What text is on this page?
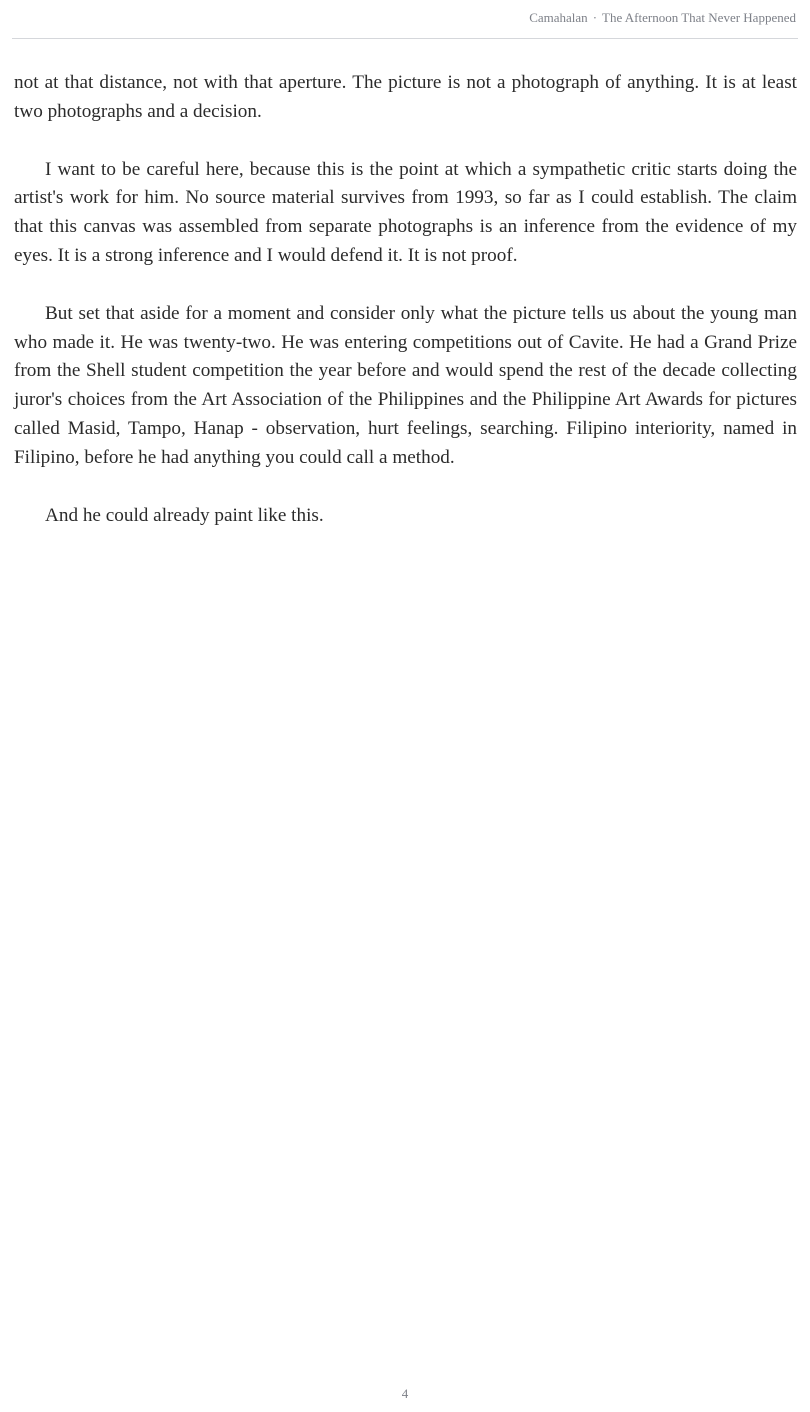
Camahalan · The Afternoon That Never Happened

not at that distance, not with that aperture. The picture is not a photograph of anything. It is at least two photographs and a decision.

I want to be careful here, because this is the point at which a sympathetic critic starts doing the artist's work for him. No source material survives from 1993, so far as I could establish. The claim that this canvas was assembled from separate photographs is an inference from the evidence of my eyes. It is a strong inference and I would defend it. It is not proof.

But set that aside for a moment and consider only what the picture tells us about the young man who made it. He was twenty-two. He was entering competitions out of Cavite. He had a Grand Prize from the Shell student competition the year before and would spend the rest of the decade collecting juror's choices from the Art Association of the Philippines and the Philippine Art Awards for pictures called Masid, Tampo, Hanap - observation, hurt feelings, searching. Filipino interiority, named in Filipino, before he had anything you could call a method.

And he could already paint like this.

4
